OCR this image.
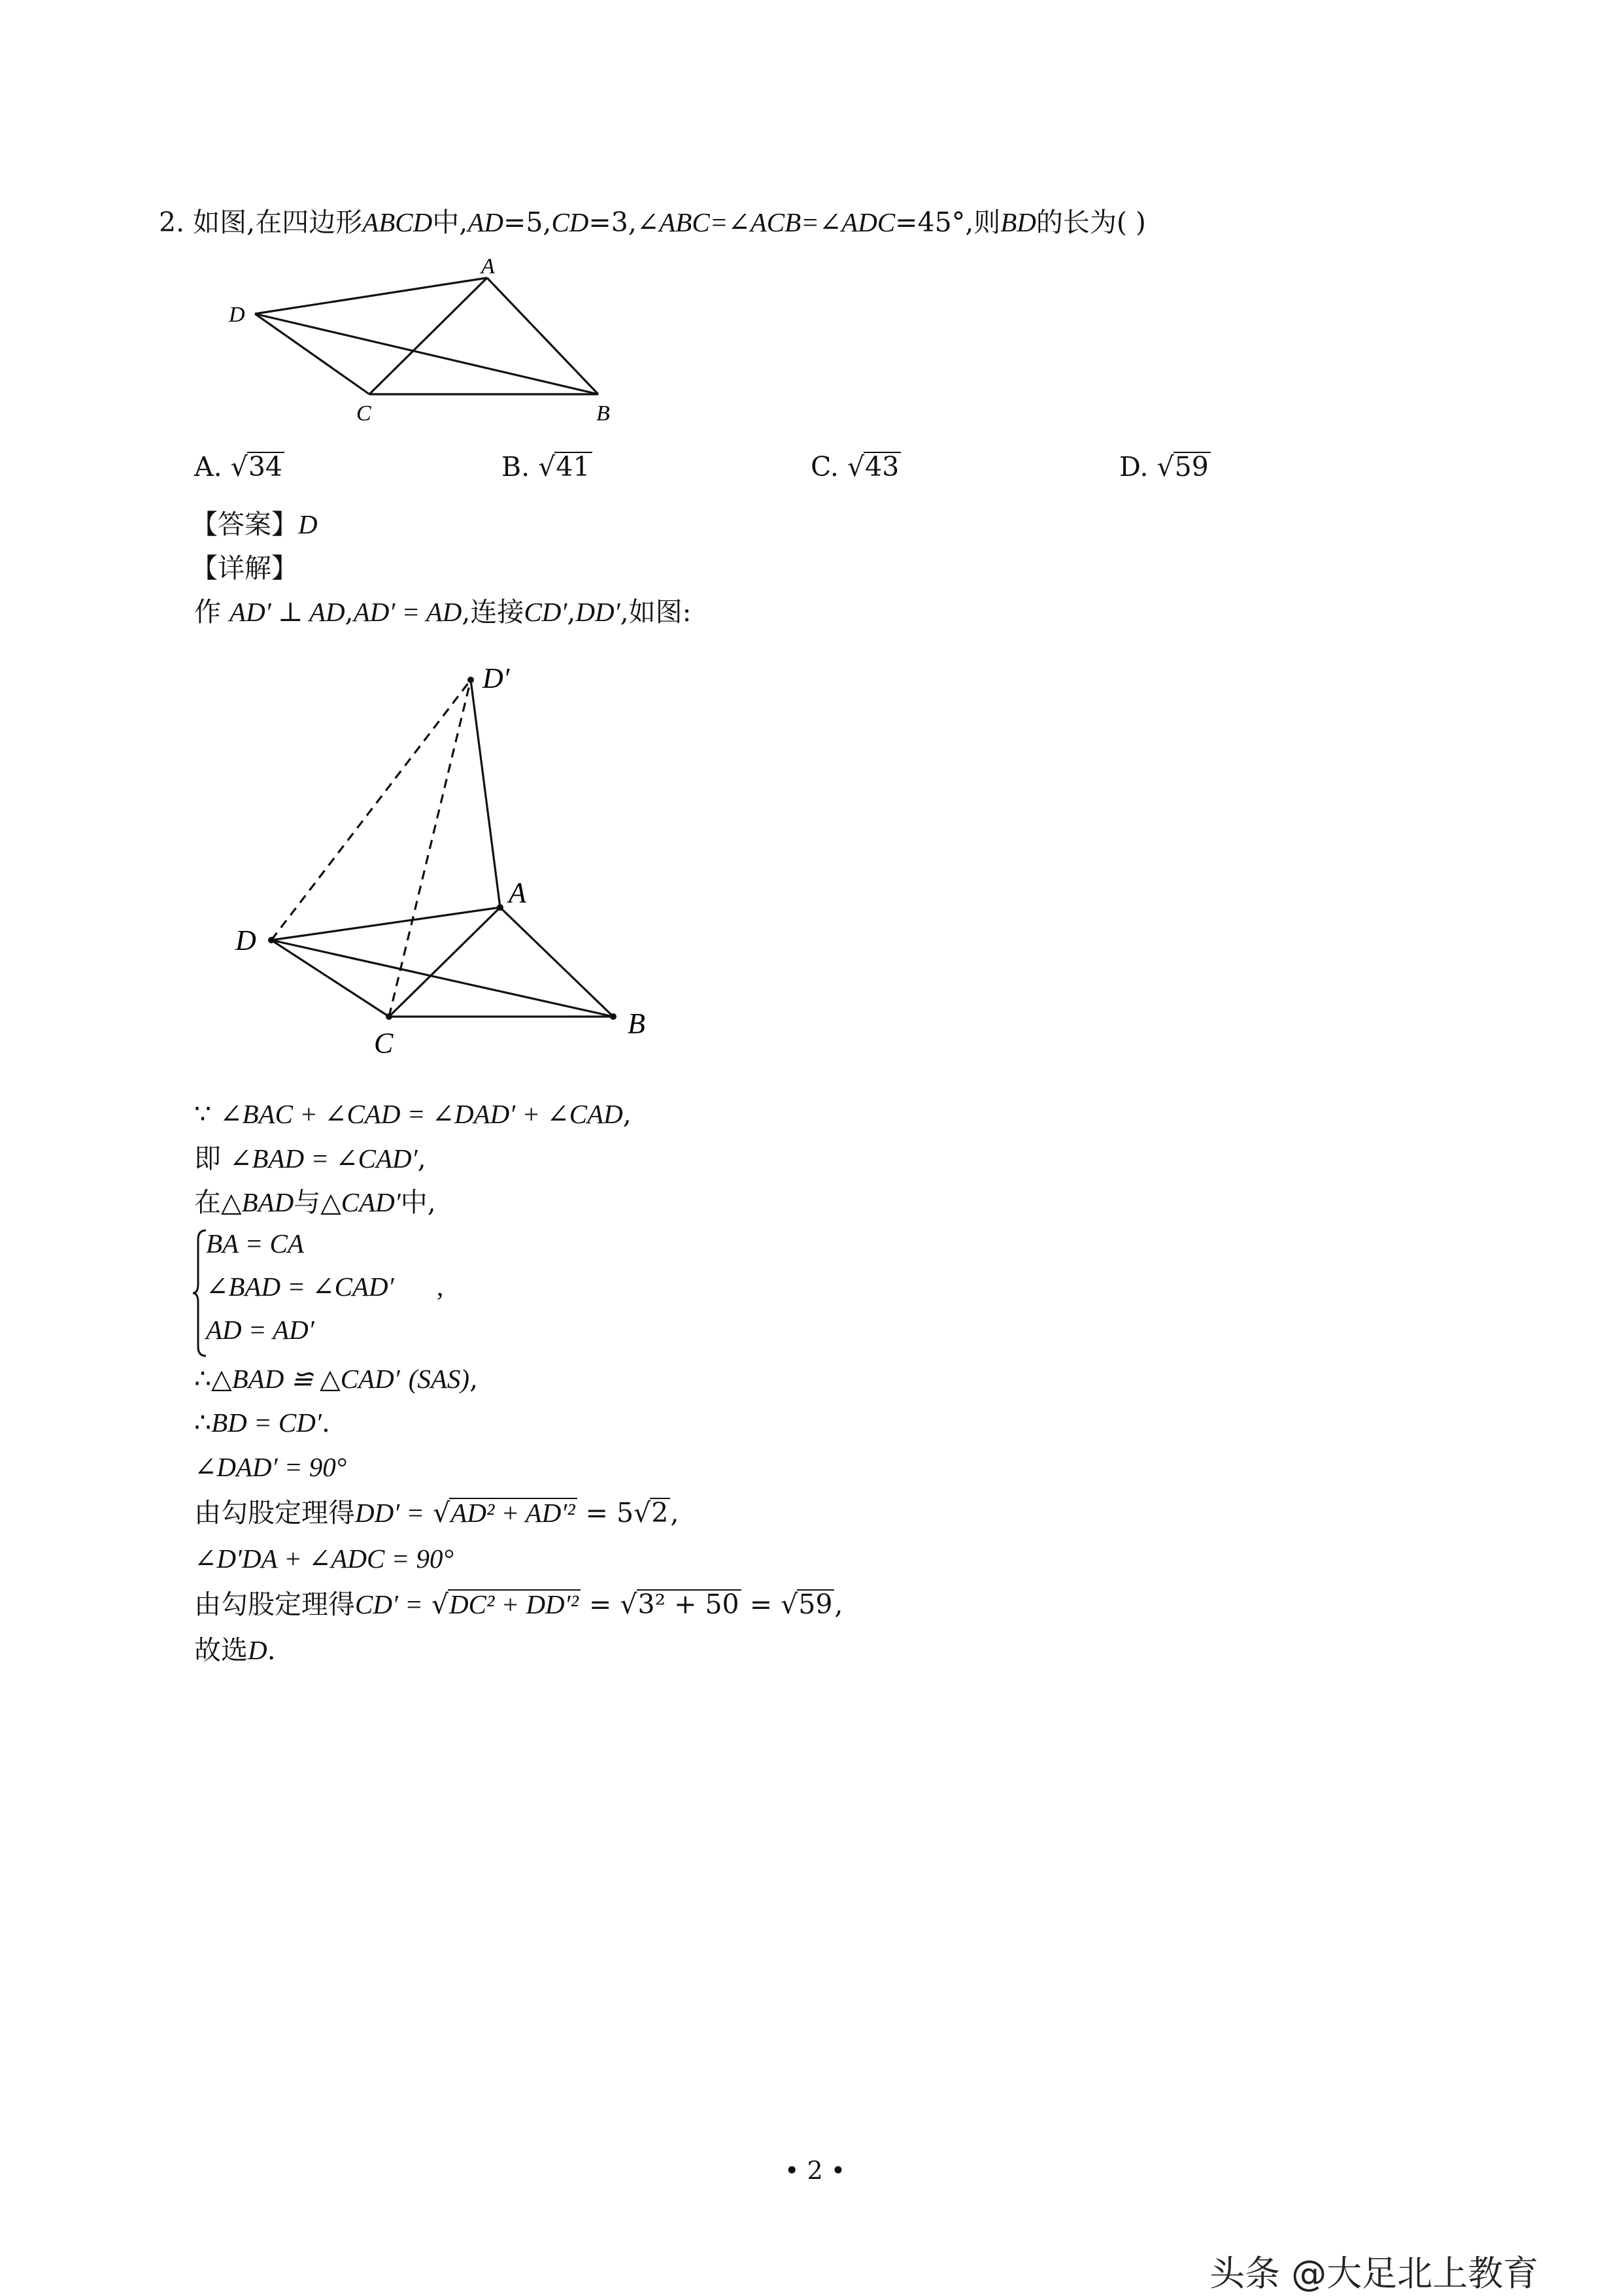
2. 如图,在四边形ABCD中,AD=5,CD=3,∠ABC=∠ACB=∠ADC=45°,则BD的长为( )
D
A
C	B
A. √34	B. √41	C. √43	D. √59
【答案】D
【详解】
作 AD′ ⊥ AD,AD′ = AD,连接CD′,DD′,如图:
D′
A
D
C
B
∵ ∠BAC + ∠CAD = ∠DAD′ + ∠CAD,
即 ∠BAD = ∠CAD′,
在△BAD与△CAD′中,
BA = CA
∠BAD = ∠CAD′
AD = AD′
,
∴△BAD ≌ △CAD′ (SAS),
∴BD = CD′.
∠DAD′ = 90°
由勾股定理得DD′ = √AD² + AD′² = 5√2,
∠D′DA + ∠ADC = 90°
由勾股定理得CD′ = √DC² + DD′² = √3² + 50 = √59,
故选D.
• 2 •
头条 @大足北上教育
